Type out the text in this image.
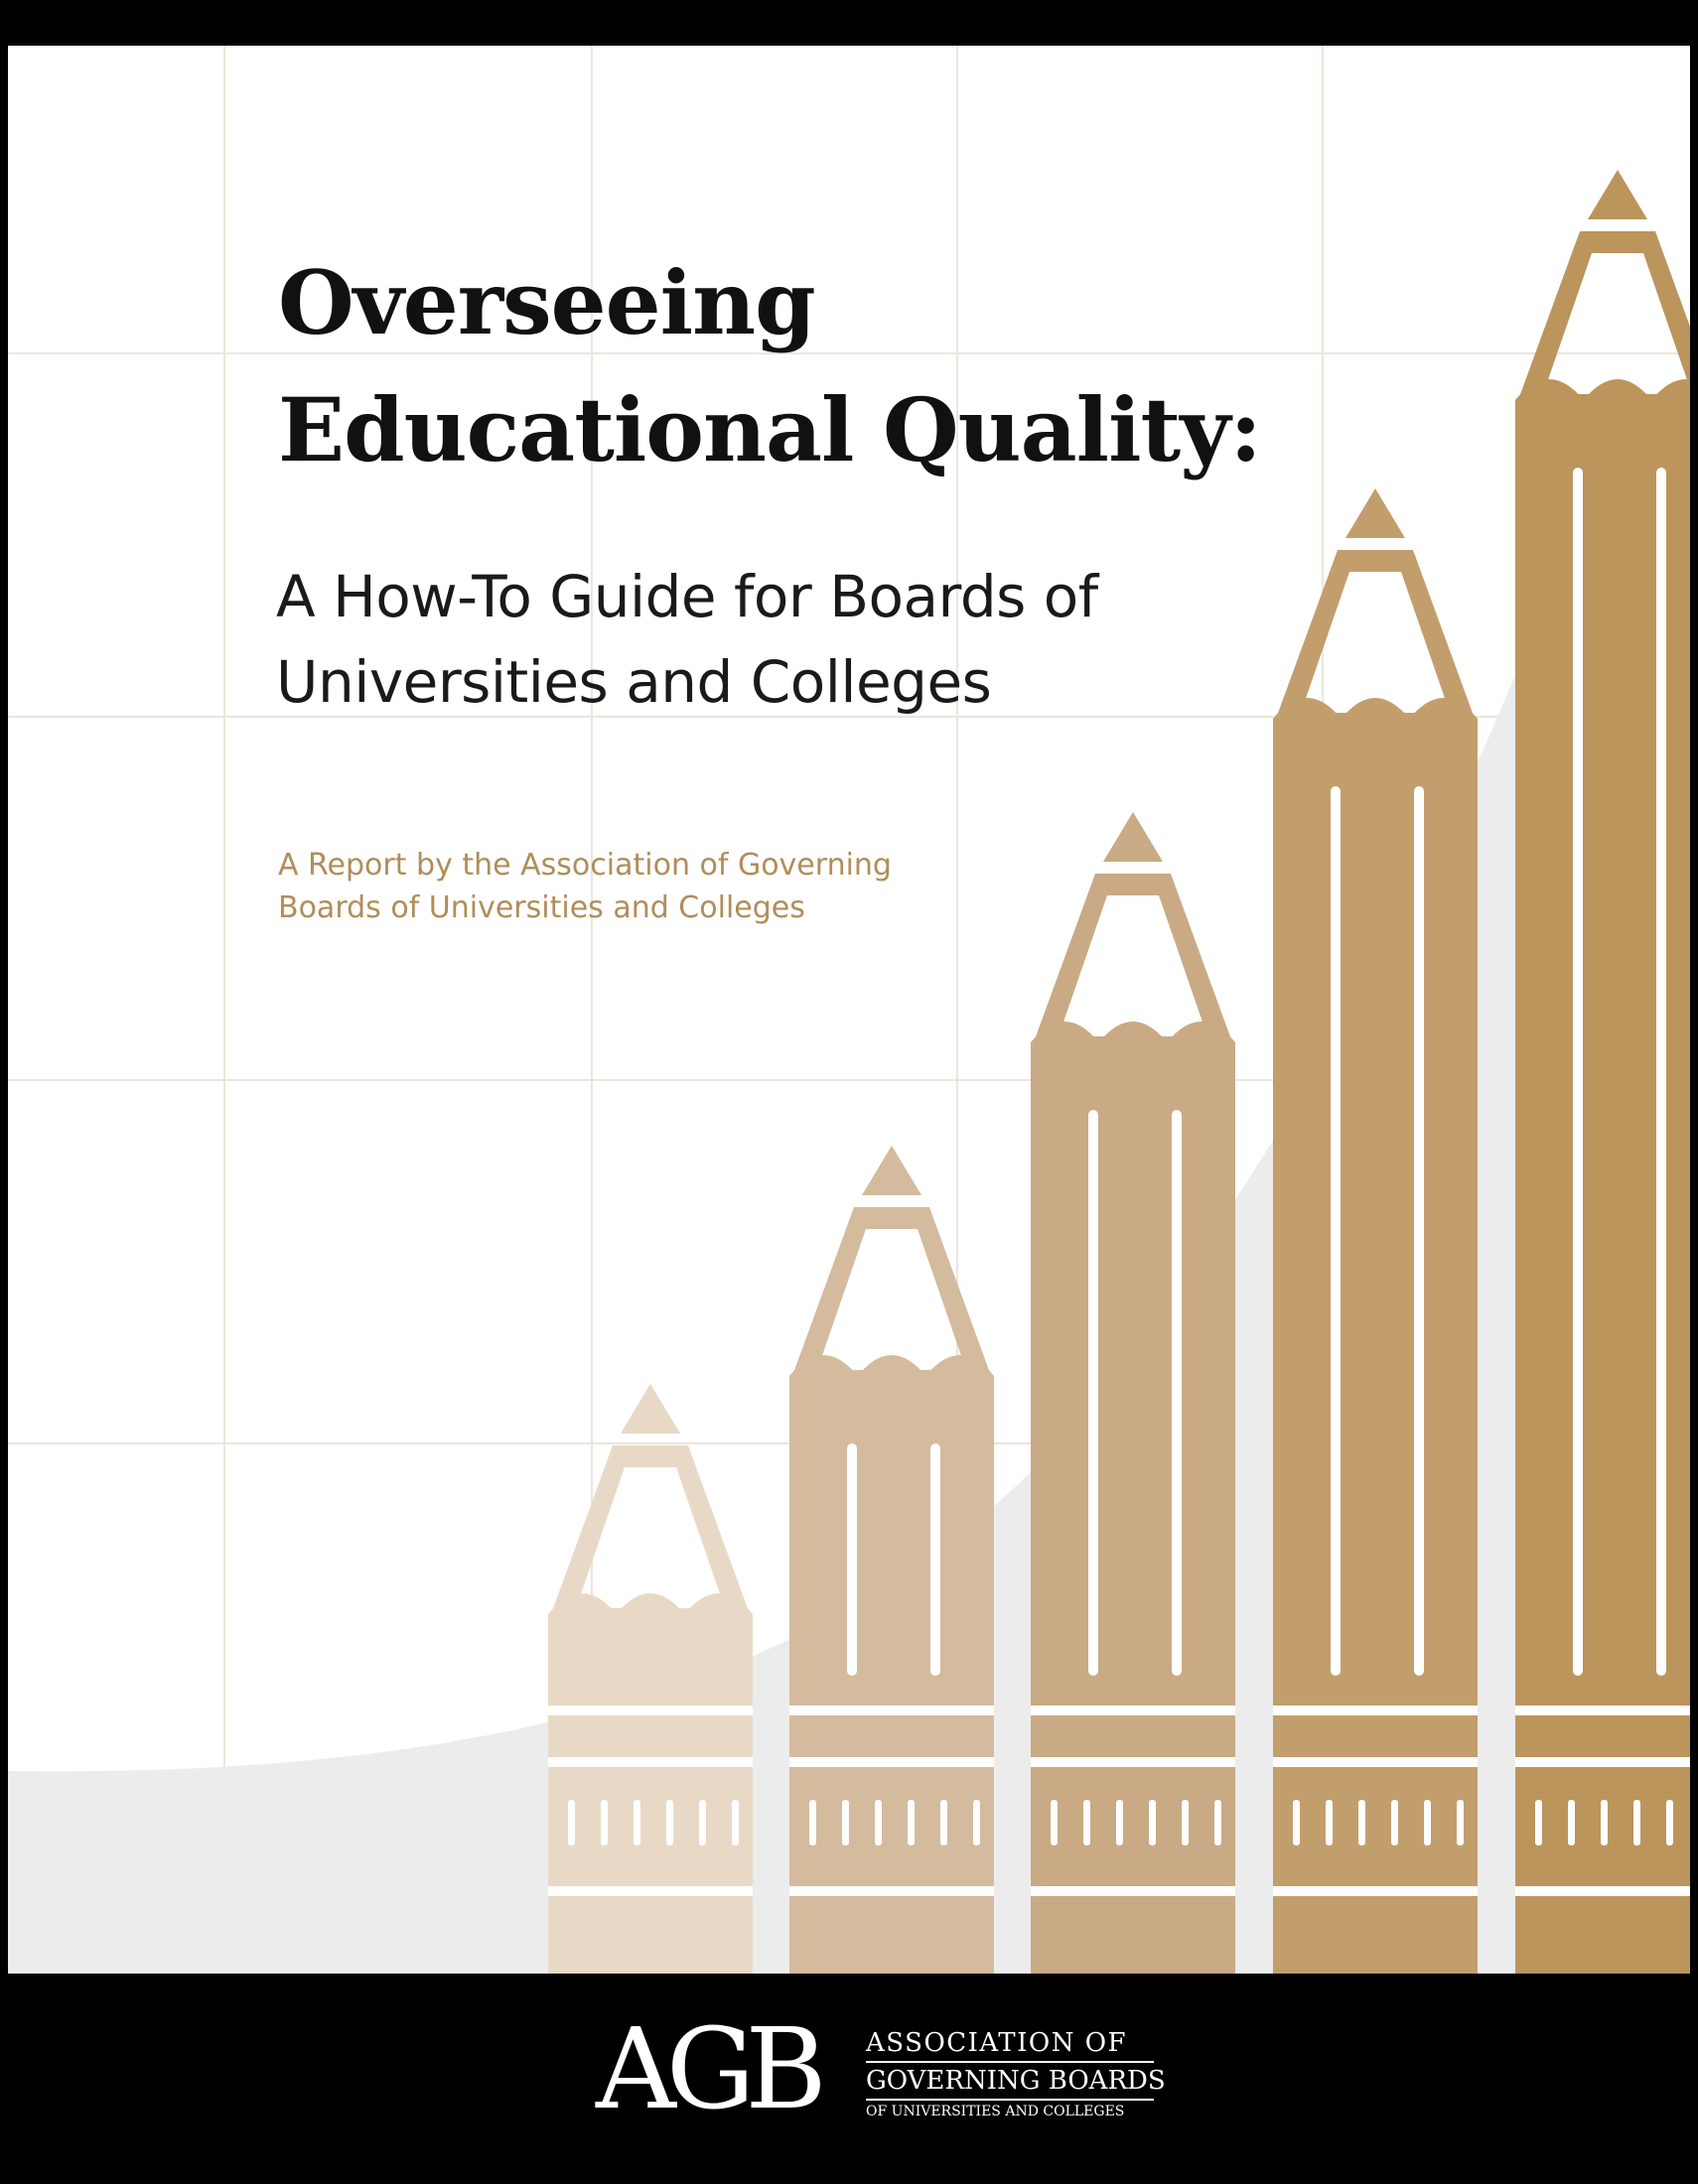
Overseeing
Educational Quality:
A How-To Guide for Boards of
Universities and Colleges

A Report by the Association of Governing
Boards of Universities and Colleges

AGB ASSOCIATION OF
GOVERNING BOARDS
OF UNIVERSITIES AND COLLEGES
